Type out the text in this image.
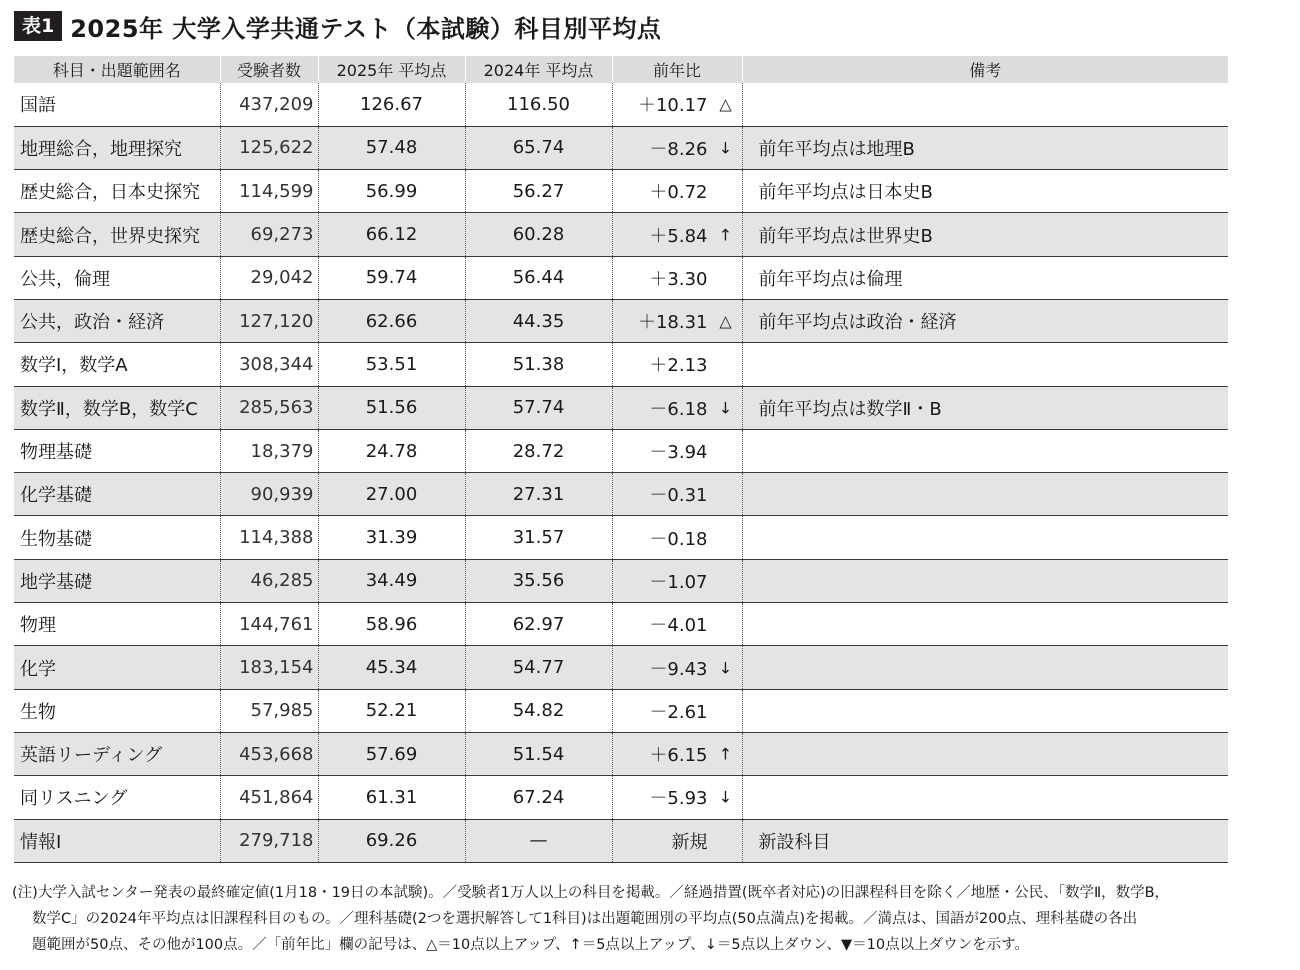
表1 2025年 大学入学共通テスト（本試験）科目別平均点
科目・出題範囲名	受験者数	2025年 平均点	2024年 平均点	前年比	備考
国語	437,209	126.67	116.50	＋10.17 △	

地理総合，地理探究	125,622	57.48	65.74	－8.26 ↓	前年平均点は地理B
歴史総合，日本史探究	114,599	56.99	56.27	＋0.72	前年平均点は日本史B
歴史総合，世界史探究	69,273	66.12	60.28	＋5.84 ↑	前年平均点は世界史B
公共，倫理	29,042	59.74	56.44	＋3.30	前年平均点は倫理
公共，政治・経済	127,120	62.66	44.35	＋18.31 △	前年平均点は政治・経済
数学Ⅰ，数学A	308,344	53.51	51.38	＋2.13

数学Ⅱ，数学B，数学C	285,563	51.56	57.74	－6.18 ↓	前年平均点は数学Ⅱ・B
物理基礎	18,379	24.78	28.72	－3.94

化学基礎	90,939	27.00	27.31	－0.31

生物基礎	114,388	31.39	31.57	－0.18

地学基礎	46,285	34.49	35.56	－1.07

物理	144,761	58.96	62.97	－4.01

化学	183,154	45.34	54.77	－9.43 ↓	

生物	57,985	52.21	54.82	－2.61

英語リーディング	453,668	57.69	51.54	＋6.15 ↑	

同リスニング	451,864	61.31	67.24	－5.93 ↓	

情報Ⅰ	279,718	69.26	—	新規	新設科目
(注)大学入試センター発表の最終確定値(1月18・19日の本試験)。／受験者1万人以上の科目を掲載。／経過措置(既卒者対応)の旧課程科目を除く／地歴・公民、「数学Ⅱ，数学B，
数学C」の2024年平均点は旧課程科目のもの。／理科基礎(2つを選択解答して1科目)は出題範囲別の平均点(50点満点)を掲載。／満点は、国語が200点、理科基礎の各出
題範囲が50点、その他が100点。／「前年比」欄の記号は、△＝10点以上アップ、↑＝5点以上アップ、↓＝5点以上ダウン、▼＝10点以上ダウンを示す。
